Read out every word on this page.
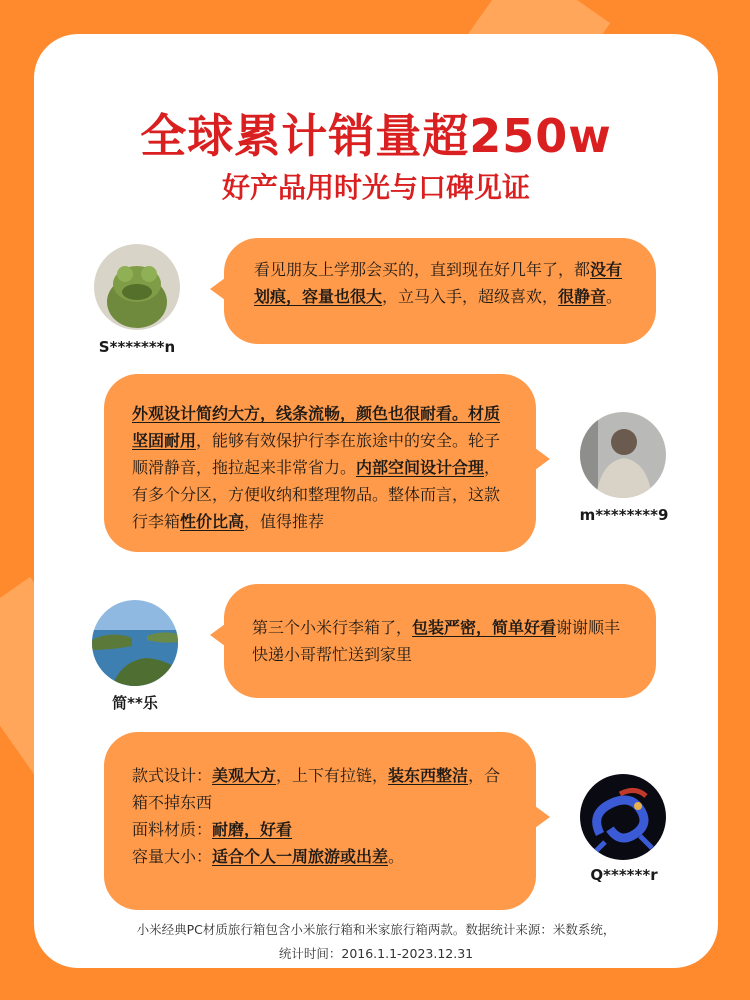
全球累计销量超250w
好产品用时光与口碑见证
S*******n
看见朋友上学那会买的，直到现在好几年了，都没有划痕，容量也很大，立马入手，超级喜欢，很静音。
外观设计简约大方，线条流畅，颜色也很耐看。材质坚固耐用，能够有效保护行李在旅途中的安全。轮子顺滑静音，拖拉起来非常省力。内部空间设计合理，有多个分区，方便收纳和整理物品。整体而言，这款行李箱性价比高，值得推荐	m********9
简**乐
第三个小米行李箱了，包装严密，简单好看谢谢顺丰快递小哥帮忙送到家里
款式设计：美观大方，上下有拉链，装东西整洁，合箱不掉东西
面料材质：耐磨，好看
容量大小：适合个人一周旅游或出差。
Q******r
小米经典PC材质旅行箱包含小米旅行箱和米家旅行箱两款。数据统计来源：米数系统，
统计时间：2016.1.1-2023.12.31
